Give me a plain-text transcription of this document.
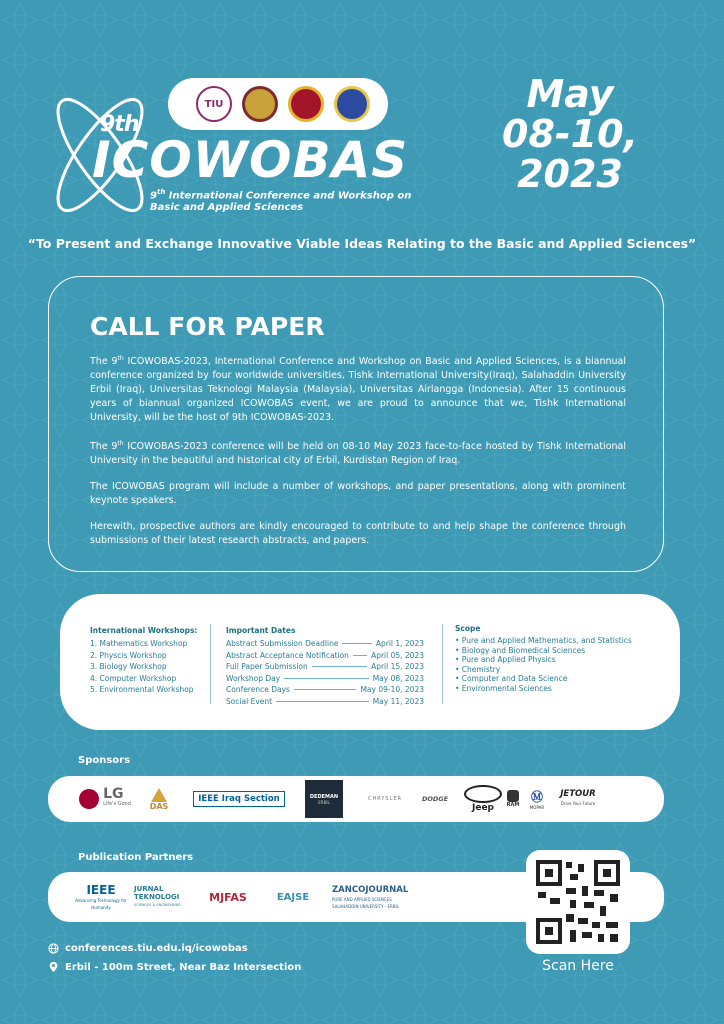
TIU
9th
ICOWOBAS
9th International Conference and Workshop on
Basic and Applied Sciences
May
08-10,
2023
“To Present and Exchange Innovative Viable Ideas Relating to the Basic and Applied Sciences”
CALL FOR PAPER

The 9th ICOWOBAS-2023, International Conference and Workshop on Basic and Applied Sciences, is a biannual conference organized by four worldwide universities, Tishk International University(Iraq), Salahaddin University Erbil (Iraq), Universitas Teknologi Malaysia (Malaysia), Universitas Airlangga (Indonesia). After 15 continuous years of biannual organized ICOWOBAS event, we are proud to announce that we, Tishk International University, will be the host of 9th ICOWOBAS-2023.

The 9th ICOWOBAS-2023 conference will be held on 08-10 May 2023 face-to-face hosted by Tishk International University in the beautiful and historical city of Erbil, Kurdistan Region of Iraq.

The ICOWOBAS program will include a number of workshops, and paper presentations, along with prominent keynote speakers.

Herewith, prospective authors are kindly encouraged to contribute to and help shape the conference through submissions of their latest research abstracts, and papers.

International Workshops:
1. Mathematics Workshop
2. Physcis Workshop
3. Biology Workshop
4. Computer Workshop
5. Environmental Workshop
Important Dates
Abstract Submission Deadline	April 1, 2023
Abstract Acceptance Notification	April 05, 2023
Full Paper Submission	April 15, 2023
Workshop Day	May 08, 2023
Conference Days	May 09-10, 2023
Social Event	May 11, 2023
Scope
• Pure and Applied Mathematics, and Statistics
• Biology and Biomedical Sciences
• Pure and Applied Physics
• Chemistry
• Computer and Data Science
• Environmental Sciences
Sponsors
LG
Life's Good DAS
IEEE Iraq Section	DEDEMAN
ERBIL	CHRYSLER	DODGE
Jeep	RAM
Ⓜ
MOPAR
JETOUR
Drive Your Future
Publication Partners
IEEE
Advancing Technology for Humanity
JURNAL
TEKNOLOGI
SCIENCES & ENGINEERING
MJFAS	EAJSE
ZANCOJOURNAL
PURE AND APPLIED SCIENCES
SALAHADDIN UNIVERSITY - ERBIL
Scan Here
conferences.tiu.edu.iq/icowobas
Erbil - 100m Street, Near Baz Intersection
